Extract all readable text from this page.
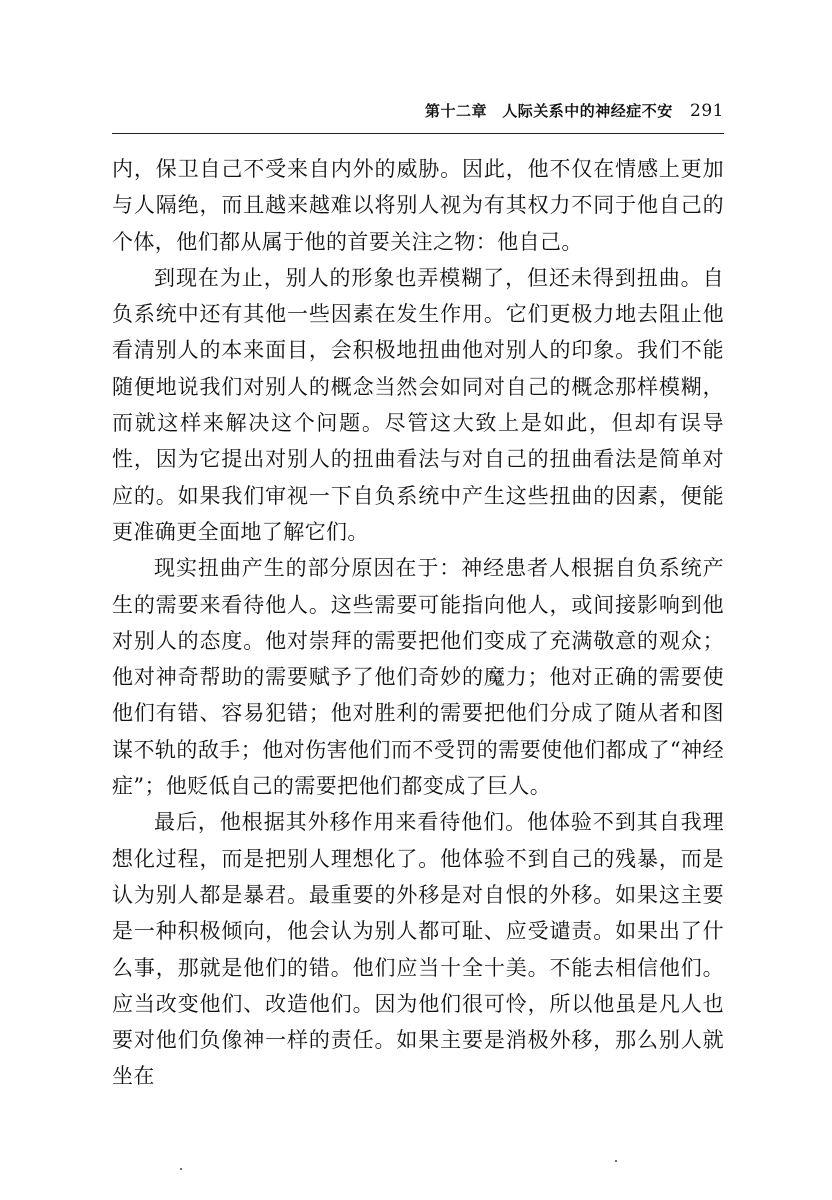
第十二章 人际关系中的神经症不安 291

内，保卫自己不受来自内外的威胁。因此，他不仅在情感上更加与人隔绝，而且越来越难以将别人视为有其权力不同于他自己的个体，他们都从属于他的首要关注之物：他自己。

到现在为止，别人的形象也弄模糊了，但还未得到扭曲。自负系统中还有其他一些因素在发生作用。它们更极力地去阻止他看清别人的本来面目，会积极地扭曲他对别人的印象。我们不能随便地说我们对别人的概念当然会如同对自己的概念那样模糊，而就这样来解决这个问题。尽管这大致上是如此，但却有误导性，因为它提出对别人的扭曲看法与对自己的扭曲看法是简单对应的。如果我们审视一下自负系统中产生这些扭曲的因素，便能更准确更全面地了解它们。

现实扭曲产生的部分原因在于：神经患者人根据自负系统产生的需要来看待他人。这些需要可能指向他人，或间接影响到他对别人的态度。他对崇拜的需要把他们变成了充满敬意的观众；他对神奇帮助的需要赋予了他们奇妙的魔力；他对正确的需要使他们有错、容易犯错；他对胜利的需要把他们分成了随从者和图谋不轨的敌手；他对伤害他们而不受罚的需要使他们都成了“神经症”；他贬低自己的需要把他们都变成了巨人。

最后，他根据其外移作用来看待他们。他体验不到其自我理想化过程，而是把别人理想化了。他体验不到自己的残暴，而是认为别人都是暴君。最重要的外移是对自恨的外移。如果这主要是一种积极倾向，他会认为别人都可耻、应受谴责。如果出了什么事，那就是他们的错。他们应当十全十美。不能去相信他们。应当改变他们、改造他们。因为他们很可怜，所以他虽是凡人也要对他们负像神一样的责任。如果主要是消极外移，那么别人就坐在
